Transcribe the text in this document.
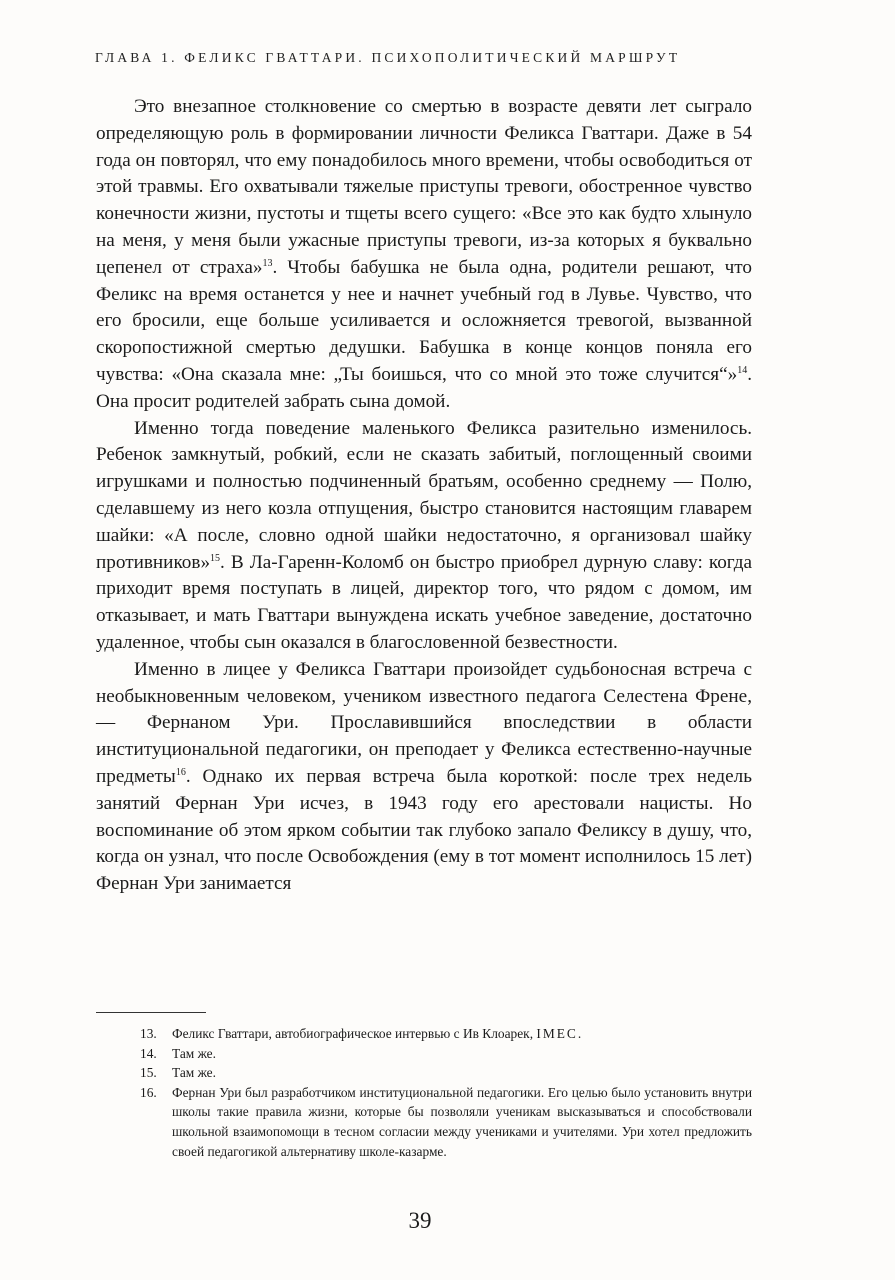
ГЛАВА 1. ФЕЛИКС ГВАТТАРИ. ПСИХОПОЛИТИЧЕСКИЙ МАРШРУТ

Это внезапное столкновение со смертью в возрасте девяти лет сыграло определяющую роль в формировании личности Феликса Гваттари. Даже в 54 года он повторял, что ему понадобилось много времени, чтобы освободиться от этой травмы. Его охватывали тяжелые приступы тревоги, обостренное чувство конечности жизни, пустоты и тщеты всего сущего: «Все это как будто хлынуло на меня, у меня были ужасные приступы тревоги, из-за которых я буквально цепенел от страха»$^{13}$. Чтобы бабушка не была одна, родители решают, что Феликс на время останется у нее и начнет учебный год в Лувье. Чувство, что его бросили, еще больше усиливается и осложняется тревогой, вызванной скоропостижной смертью дедушки. Бабушка в конце концов поняла его чувства: «Она сказала мне: „Ты боишься, что со мной это тоже случится“»$^{14}$. Она просит родителей забрать сына домой.

Именно тогда поведение маленького Феликса разительно изменилось. Ребенок замкнутый, робкий, если не сказать забитый, поглощенный своими игрушками и полностью подчиненный братьям, особенно среднему — Полю, сделавшему из него козла отпущения, быстро становится настоящим главарем шайки: «А после, словно одной шайки недостаточно, я организовал шайку противников»$^{15}$. В Ла-Гаренн-Коломб он быстро приобрел дурную славу: когда приходит время поступать в лицей, директор того, что рядом с домом, им отказывает, и мать Гваттари вынуждена искать учебное заведение, достаточно удаленное, чтобы сын оказался в благословенной безвестности.

Именно в лицее у Феликса Гваттари произойдет судьбоносная встреча с необыкновенным человеком, учеником известного педагога Селестена Френе, — Фернаном Ури. Прославившийся впоследствии в области институциональной педагогики, он преподает у Феликса естественно-научные предметы$^{16}$. Однако их первая встреча была короткой: после трех недель занятий Фернан Ури исчез, в 1943 году его арестовали нацисты. Но воспоминание об этом ярком событии так глубоко запало Феликсу в душу, что, когда он узнал, что после Освобождения (ему в тот момент исполнилось 15 лет) Фернан Ури занимается

13.	Феликс Гваттари, автобиографическое интервью с Ив Клоарек, IMEC.
14.	Там же.
15.	Там же.
16.	Фернан Ури был разработчиком институциональной педагогики. Его целью было установить внутри школы такие правила жизни, которые бы позволяли ученикам высказываться и способствовали школьной взаимопомощи в тесном согласии между учениками и учителями. Ури хотел предложить своей педагогикой альтернативу школе-казарме.
39
